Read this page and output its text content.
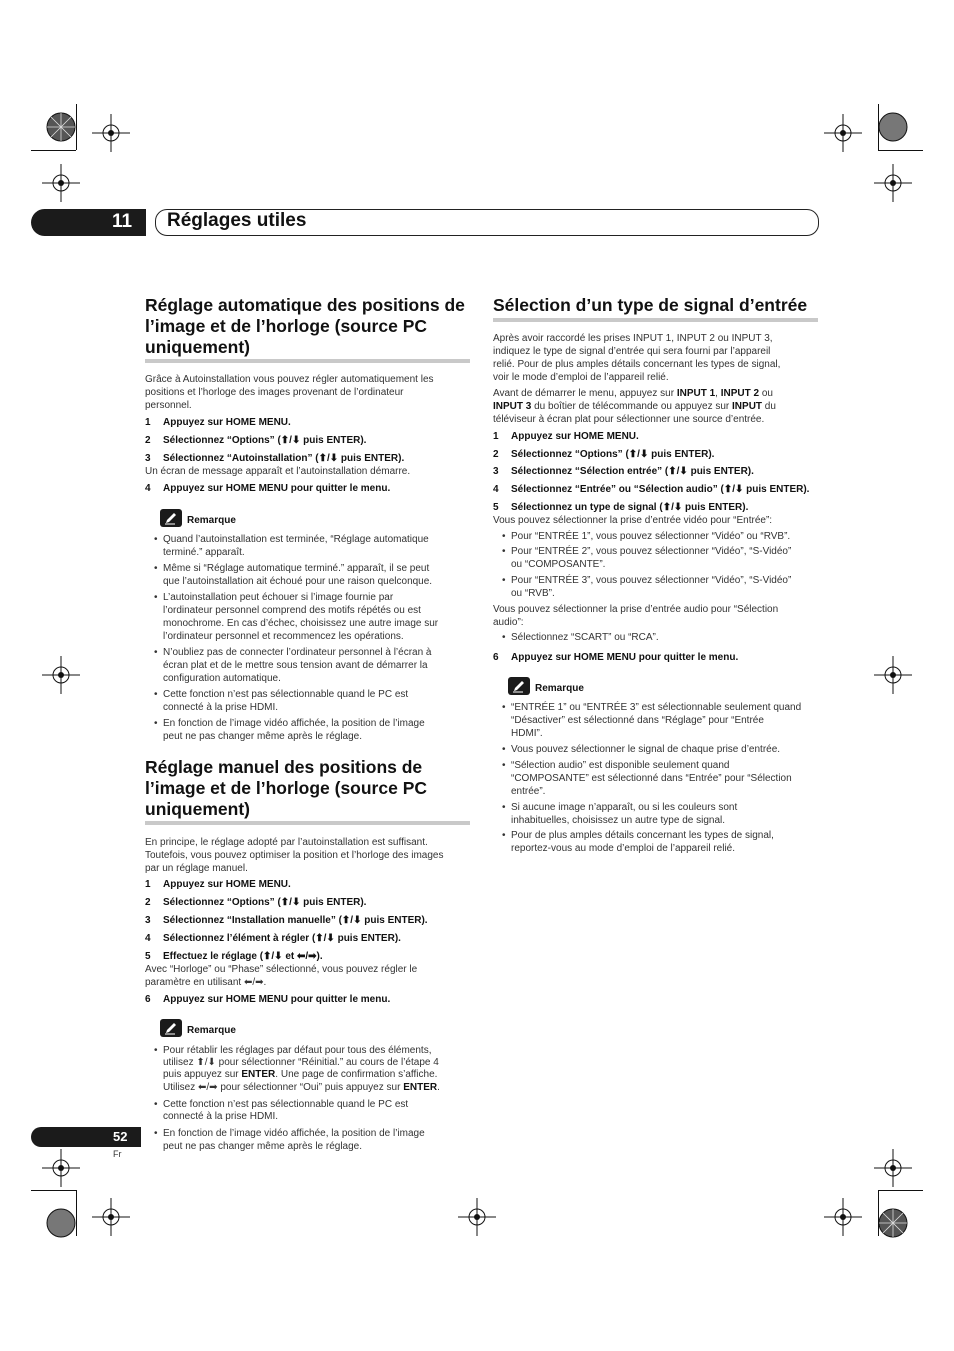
11 Réglages utiles
Réglage automatique des positions de
l’image et de l’horloge (source PC
uniquement)
Grâce à Autoinstallation vous pouvez régler automatiquement les
positions et l’horloge des images provenant de l’ordinateur
personnel.
1 Appuyez sur HOME MENU.
2 Sélectionnez “Options” (⬆/⬇ puis ENTER).
3 Sélectionnez “Autoinstallation” (⬆/⬇ puis ENTER).
Un écran de message apparaît et l’autoinstallation démarre.
4 Appuyez sur HOME MENU pour quitter le menu.
Remarque
• Quand l’autoinstallation est terminée, “Réglage automatique
terminé.” apparaît.
• Même si “Réglage automatique terminé.” apparaît, il se peut
que l’autoinstallation ait échoué pour une raison quelconque.
• L’autoinstallation peut échouer si l’image fournie par
l’ordinateur personnel comprend des motifs répétés ou est
monochrome. En cas d’échec, choisissez une autre image sur
l’ordinateur personnel et recommencez les opérations.
• N’oubliez pas de connecter l’ordinateur personnel à l’écran à
écran plat et de le mettre sous tension avant de démarrer la
configuration automatique.
• Cette fonction n’est pas sélectionnable quand le PC est
connecté à la prise HDMI.
• En fonction de l’image vidéo affichée, la position de l’image
peut ne pas changer même après le réglage.
Réglage manuel des positions de
l’image et de l’horloge (source PC
uniquement)
En principe, le réglage adopté par l’autoinstallation est suffisant.
Toutefois, vous pouvez optimiser la position et l’horloge des images
par un réglage manuel.
1 Appuyez sur HOME MENU.
2 Sélectionnez “Options” (⬆/⬇ puis ENTER).
3 Sélectionnez “Installation manuelle” (⬆/⬇ puis ENTER).
4 Sélectionnez l’élément à régler (⬆/⬇ puis ENTER).
5 Effectuez le réglage (⬆/⬇ et ⬅/➡).
Avec “Horloge” ou “Phase” sélectionné, vous pouvez régler le
paramètre en utilisant ⬅/➡.
6 Appuyez sur HOME MENU pour quitter le menu.
Remarque
• Pour rétablir les réglages par défaut pour tous des éléments,
utilisez ⬆/⬇ pour sélectionner “Réinitial.” au cours de l’étape 4
puis appuyez sur ENTER. Une page de confirmation s’affiche.
Utilisez ⬅/➡ pour sélectionner “Oui” puis appuyez sur ENTER.
• Cette fonction n’est pas sélectionnable quand le PC est
connecté à la prise HDMI.
• En fonction de l’image vidéo affichée, la position de l’image
peut ne pas changer même après le réglage.
Sélection d’un type de signal d’entrée
Après avoir raccordé les prises INPUT 1, INPUT 2 ou INPUT 3,
indiquez le type de signal d’entrée qui sera fourni par l’appareil
relié. Pour de plus amples détails concernant les types de signal,
voir le mode d’emploi de l’appareil relié.
Avant de démarrer le menu, appuyez sur INPUT 1, INPUT 2 ou
INPUT 3 du boîtier de télécommande ou appuyez sur INPUT du
téléviseur à écran plat pour sélectionner une source d’entrée.
1 Appuyez sur HOME MENU.
2 Sélectionnez “Options” (⬆/⬇ puis ENTER).
3 Sélectionnez “Sélection entrée” (⬆/⬇ puis ENTER).
4 Sélectionnez “Entrée” ou “Sélection audio” (⬆/⬇ puis ENTER).
5 Sélectionnez un type de signal (⬆/⬇ puis ENTER).
Vous pouvez sélectionner la prise d’entrée vidéo pour “Entrée”:
• Pour “ENTRÉE 1”, vous pouvez sélectionner “Vidéo” ou “RVB”.
• Pour “ENTRÉE 2”, vous pouvez sélectionner “Vidéo”, “S-Vidéo”
ou “COMPOSANTE”.
• Pour “ENTRÉE 3”, vous pouvez sélectionner “Vidéo”, “S-Vidéo”
ou “RVB”.
Vous pouvez sélectionner la prise d’entrée audio pour “Sélection
audio”:
• Sélectionnez “SCART” ou “RCA”.
6 Appuyez sur HOME MENU pour quitter le menu.
Remarque
• “ENTRÉE 1” ou “ENTRÉE 3” est sélectionnable seulement quand
“Désactiver” est sélectionné dans “Réglage” pour “Entrée
HDMI”.
• Vous pouvez sélectionner le signal de chaque prise d’entrée.
• “Sélection audio” est disponible seulement quand
“COMPOSANTE” est sélectionné dans “Entrée” pour “Sélection
entrée”.
• Si aucune image n’apparaît, ou si les couleurs sont
inhabituelles, choisissez un autre type de signal.
• Pour de plus amples détails concernant les types de signal,
reportez-vous au mode d’emploi de l’appareil relié.
52
Fr
